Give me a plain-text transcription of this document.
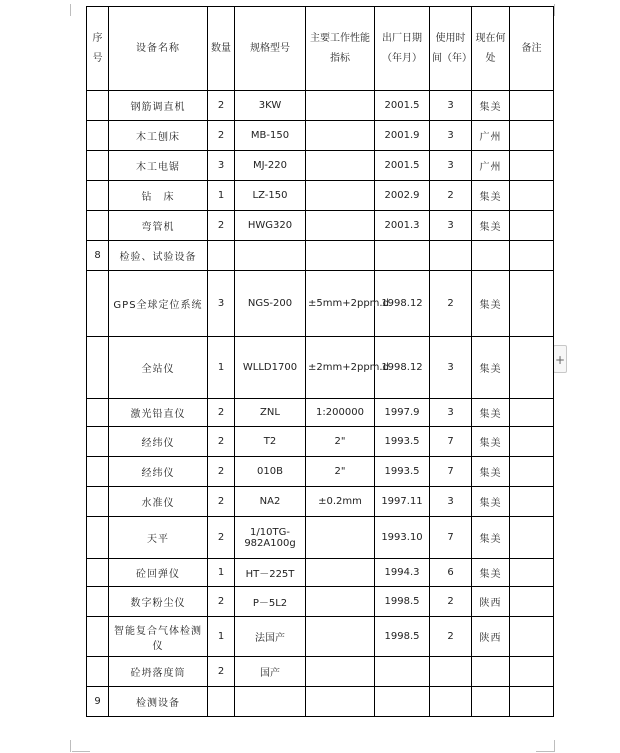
+
序号	设备名称	数量	规格型号	主要工作性能指标	出厂日期（年月）	使用时间（年）	现在何处	备注
	钢筋调直机	2	3KW		2001.5	3	集美	
	木工刨床	2	MB-150		2001.9	3	广州	
	木工电锯	3	MJ-220		2001.5	3	广州	
	钻　床	1	LZ-150		2002.9	2	集美	
	弯管机	2	HWG320		2001.3	3	集美	
8	检验、试验设备							
	GPS全球定位系统	3	NGS-200	±5mm+2ppm.d	1998.12	2	集美	
	全站仪	1	WLLD1700	±2mm+2ppm.d	1998.12	3	集美	
	激光铅直仪	2	ZNL	1:200000	1997.9	3	集美	
	经纬仪	2	T2	2"	1993.5	7	集美	
	经纬仪	2	010B	2"	1993.5	7	集美	
	水准仪	2	NA2	±0.2mm	1997.11	3	集美	
	天平	2	1/10TG-982A100g		1993.10	7	集美	
	砼回弹仪	1	HT－225T		1994.3	6	集美	
	数字粉尘仪	2	P－5L2		1998.5	2	陕西	
	智能复合气体检测仪	1	法国产		1998.5	2	陕西	
	砼坍落度筒	2	国产					
9	检测设备							
